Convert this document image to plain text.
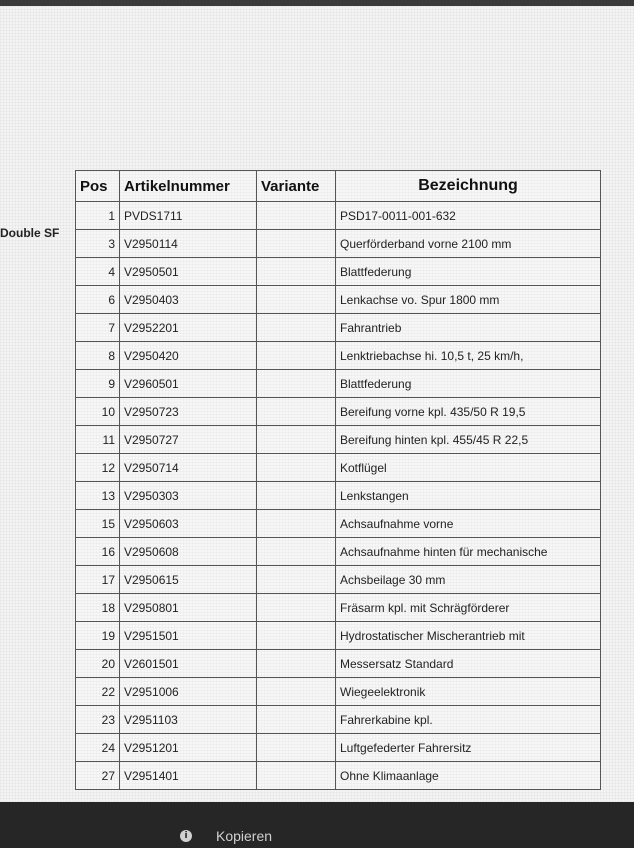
Double SF
Pos	Artikelnummer	Variante	Bezeichnung
1	PVDS1711		PSD17-0011-001-632
3	V2950114		Querförderband vorne 2100 mm
4	V2950501		Blattfederung
6	V2950403		Lenkachse vo. Spur 1800 mm
7	V2952201		Fahrantrieb
8	V2950420		Lenktriebachse hi. 10,5 t, 25 km/h,
9	V2960501		Blattfederung
10	V2950723		Bereifung vorne kpl. 435/50 R 19,5
11	V2950727		Bereifung hinten kpl. 455/45 R 22,5
12	V2950714		Kotflügel
13	V2950303		Lenkstangen
15	V2950603		Achsaufnahme vorne
16	V2950608		Achsaufnahme hinten für mechanische
17	V2950615		Achsbeilage 30 mm
18	V2950801		Fräsarm kpl. mit Schrägförderer
19	V2951501		Hydrostatischer Mischerantrieb mit
20	V2601501		Messersatz Standard
22	V2951006		Wiegeelektronik
23	V2951103		Fahrerkabine kpl.
24	V2951201		Luftgefederter Fahrersitz
27	V2951401		Ohne Klimaanlage
i	Kopieren
